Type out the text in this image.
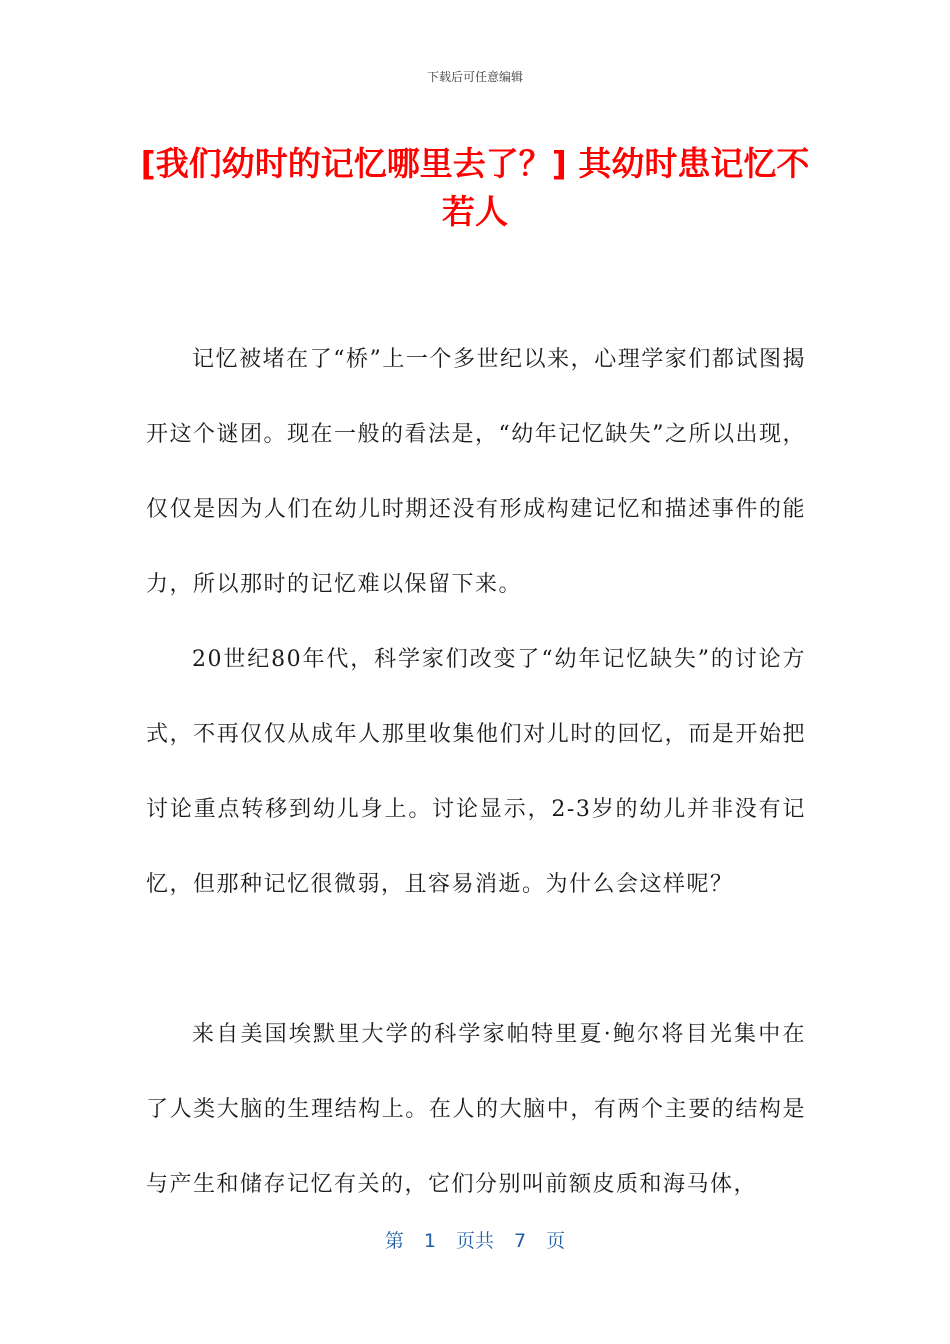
下载后可任意编辑
[我们幼时的记忆哪里去了？] 其幼时患记忆不若人

记忆被堵在了“桥”上一个多世纪以来，心理学家们都试图揭开这个谜团。现在一般的看法是，“幼年记忆缺失”之所以出现，仅仅是因为人们在幼儿时期还没有形成构建记忆和描述事件的能力，所以那时的记忆难以保留下来。

20世纪80年代，科学家们改变了“幼年记忆缺失”的讨论方式，不再仅仅从成年人那里收集他们对儿时的回忆，而是开始把讨论重点转移到幼儿身上。讨论显示，2-3岁的幼儿并非没有记忆，但那种记忆很微弱，且容易消逝。为什么会这样呢？

来自美国埃默里大学的科学家帕特里夏·鲍尔将目光集中在了人类大脑的生理结构上。在人的大脑中，有两个主要的结构是与产生和储存记忆有关的，它们分别叫前额皮质和海马体，

第 1 页共 7 页
